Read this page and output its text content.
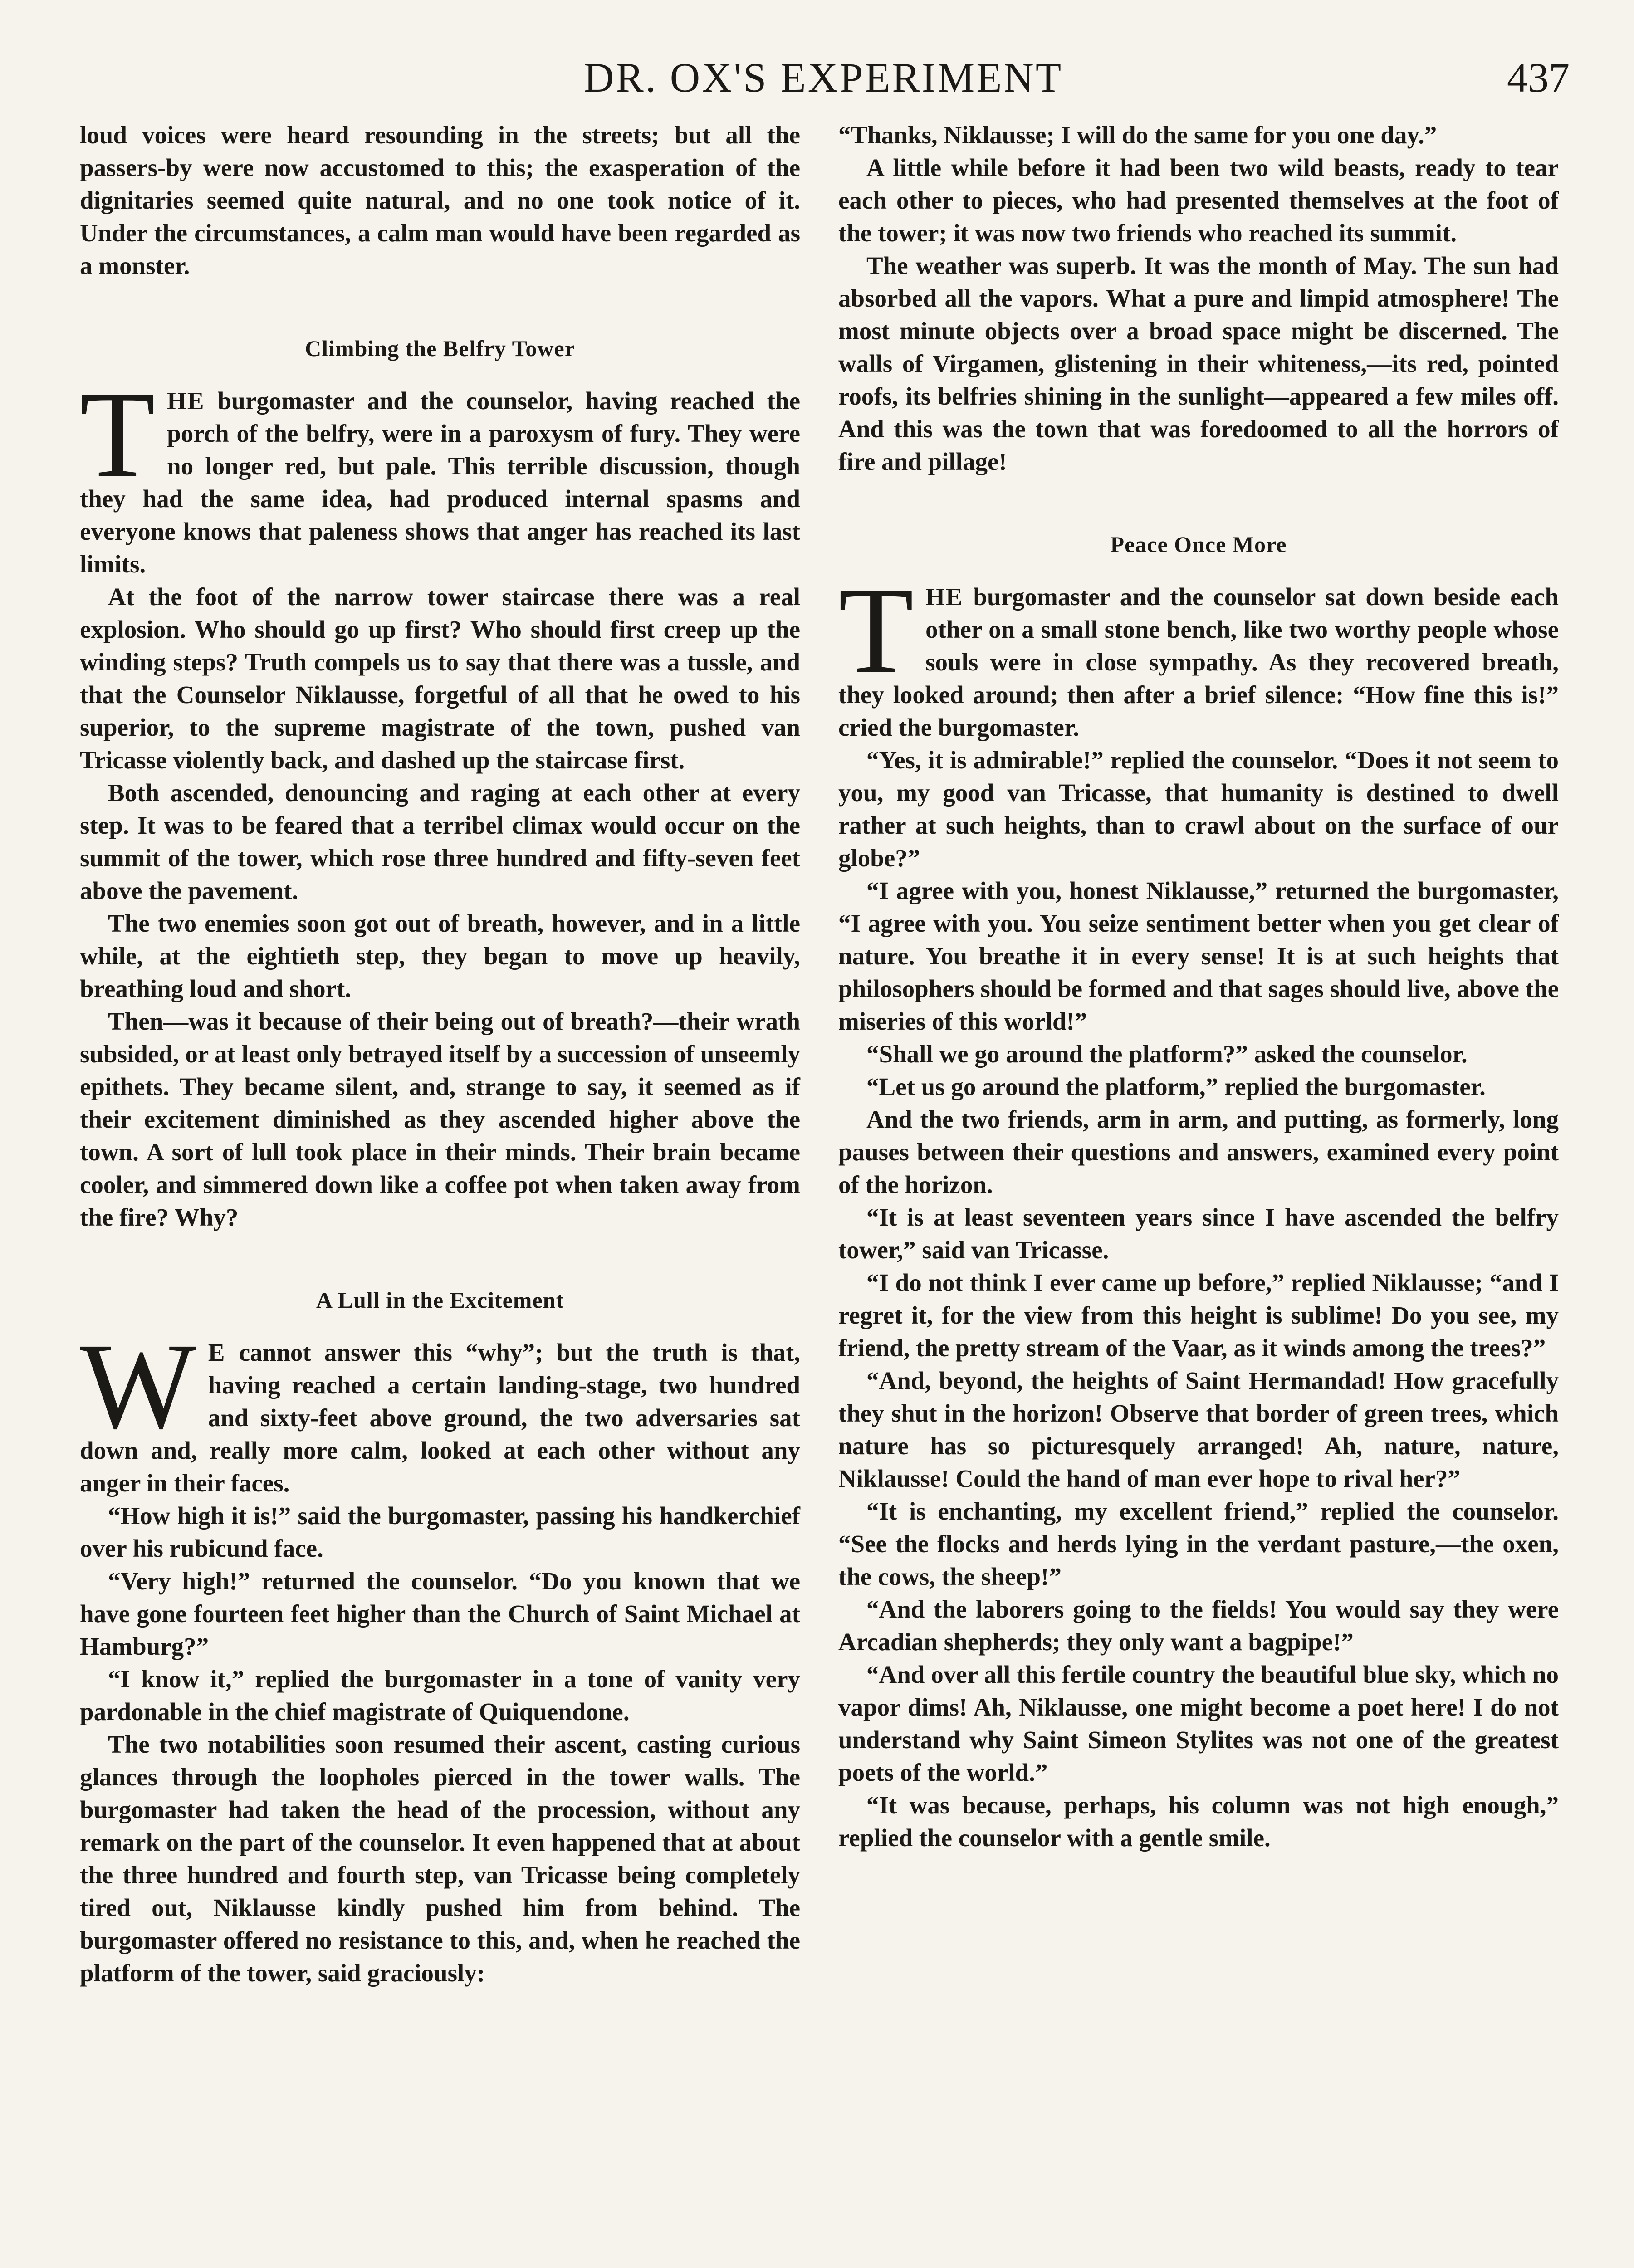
DR. OX'S EXPERIMENT	437

loud voices were heard resounding in the streets; but all the passers-by were now accustomed to this; the exasperation of the dignitaries seemed quite natural, and no one took notice of it. Under the circumstances, a calm man would have been regarded as a monster.

Climbing the Belfry Tower

THE burgomaster and the counselor, having reached the porch of the belfry, were in a paroxysm of fury. They were no longer red, but pale. This terrible discussion, though they had the same idea, had produced internal spasms and everyone knows that paleness shows that anger has reached its last limits.

At the foot of the narrow tower staircase there was a real explosion. Who should go up first? Who should first creep up the winding steps? Truth compels us to say that there was a tussle, and that the Counselor Niklausse, forgetful of all that he owed to his superior, to the supreme magistrate of the town, pushed van Tricasse violently back, and dashed up the staircase first.

Both ascended, denouncing and raging at each other at every step. It was to be feared that a terribel climax would occur on the summit of the tower, which rose three hundred and fifty-seven feet above the pavement.

The two enemies soon got out of breath, however, and in a little while, at the eightieth step, they began to move up heavily, breathing loud and short.

Then—was it because of their being out of breath?—their wrath subsided, or at least only betrayed itself by a succession of unseemly epithets. They became silent, and, strange to say, it seemed as if their excitement diminished as they ascended higher above the town. A sort of lull took place in their minds. Their brain became cooler, and simmered down like a coffee pot when taken away from the fire? Why?

A Lull in the Excitement

W E cannot answer this “why”; but the truth is that, having reached a certain landing-stage, two hundred and sixty-feet above ground, the two adversaries sat down and, really more calm, looked at each other without any anger in their faces.

“How high it is!” said the burgomaster, passing his handkerchief over his rubicund face.

“Very high!” returned the counselor. “Do you known that we have gone fourteen feet higher than the Church of Saint Michael at Hamburg?”

“I know it,” replied the burgomaster in a tone of vanity very pardonable in the chief magistrate of Quiquendone.

The two notabilities soon resumed their ascent, casting curious glances through the loopholes pierced in the tower walls. The burgomaster had taken the head of the procession, without any remark on the part of the counselor. It even happened that at about the three hundred and fourth step, van Tricasse being completely tired out, Niklausse kindly pushed him from behind. The burgomaster offered no resistance to this, and, when he reached the platform of the tower, said graciously:

“Thanks, Niklausse; I will do the same for you one day.”

A little while before it had been two wild beasts, ready to tear each other to pieces, who had presented themselves at the foot of the tower; it was now two friends who reached its summit.

The weather was superb. It was the month of May. The sun had absorbed all the vapors. What a pure and limpid atmosphere! The most minute objects over a broad space might be discerned. The walls of Virgamen, glistening in their whiteness,—its red, pointed roofs, its belfries shining in the sunlight—appeared a few miles off. And this was the town that was foredoomed to all the horrors of fire and pillage!

Peace Once More

THE burgomaster and the counselor sat down beside each other on a small stone bench, like two worthy people whose souls were in close sympathy. As they recovered breath, they looked around; then after a brief silence: “How fine this is!” cried the burgomaster.

“Yes, it is admirable!” replied the counselor. “Does it not seem to you, my good van Tricasse, that humanity is destined to dwell rather at such heights, than to crawl about on the surface of our globe?”

“I agree with you, honest Niklausse,” returned the burgomaster, “I agree with you. You seize sentiment better when you get clear of nature. You breathe it in every sense! It is at such heights that philosophers should be formed and that sages should live, above the miseries of this world!”

“Shall we go around the platform?” asked the counselor.

“Let us go around the platform,” replied the burgomaster.

And the two friends, arm in arm, and putting, as formerly, long pauses between their questions and answers, examined every point of the horizon.

“It is at least seventeen years since I have ascended the belfry tower,” said van Tricasse.

“I do not think I ever came up before,” replied Niklausse; “and I regret it, for the view from this height is sublime! Do you see, my friend, the pretty stream of the Vaar, as it winds among the trees?”

“And, beyond, the heights of Saint Hermandad! How gracefully they shut in the horizon! Observe that border of green trees, which nature has so picturesquely arranged! Ah, nature, nature, Niklausse! Could the hand of man ever hope to rival her?”

“It is enchanting, my excellent friend,” replied the counselor. “See the flocks and herds lying in the verdant pasture,—the oxen, the cows, the sheep!”

“And the laborers going to the fields! You would say they were Arcadian shepherds; they only want a bagpipe!”

“And over all this fertile country the beautiful blue sky, which no vapor dims! Ah, Niklausse, one might become a poet here! I do not understand why Saint Simeon Stylites was not one of the greatest poets of the world.”

“It was because, perhaps, his column was not high enough,” replied the counselor with a gentle smile.
